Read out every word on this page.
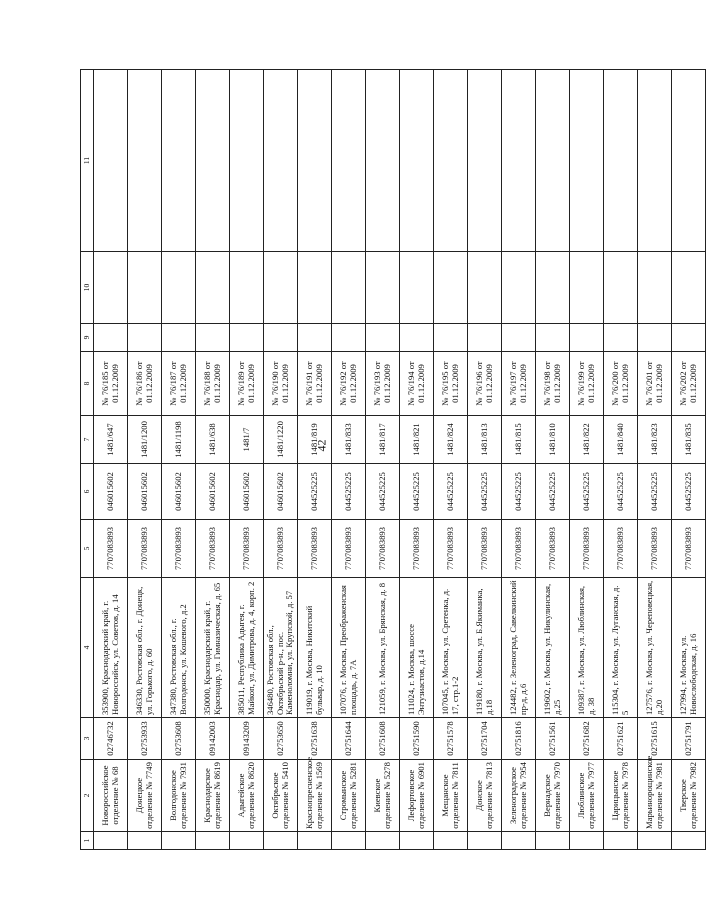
42
1	2	3	4	5	6	7	8	9	10	11
	Новороссийское отделение № 68	02746732	353900, Краснодарский край, г. Новороссийск, ул. Советов, д. 14	7707083893	046015602	1481/647	№ 76/185 от 01.12.2009			
	Донецкое отделение № 7749	02753933	346330, Ростовская обл., г. Донецк, ул. Горького, д. 60	7707083893	046015602	1481/1200	№ 76/186 от 01.12.2009			
	Волгодонское отделение № 7931	02753608	347380, Ростовская обл., г. Волгодонск, ул. Кошевого, д.2	7707083893	046015602	1481/1198	№ 76/187 от 01.12.2009			
	Краснодарское отделение № 8619	09142003	350000, Краснодарский край, г. Краснодар, ул. Гимназическая, д. 65	7707083893	046015602	1481/638	№ 76/188 от 01.12.2009			
	Адыгейское отделение № 8620	09143209	385011, Республика Адыгея, г. Майкоп, ул. Димитрова, д. 4, корп. 2	7707083893	046015602	1481/7	№ 76/189 от 01.12.2009			
	Октябрьское отделение № 5410	02753650	346480, Ростовская обл., Октябрьский р-н., пос. Каменоломни, ул. Крупской, д. 57	7707083893	046015602	1481/1220	№ 76/190 от 01.12.2009			
	Краснопресненское отделение № 1569	02751638	119019, г. Москва, Никитский бульвар, д. 10	7707083893	044525225	1481/819	№ 76/191 от 01.12.2009			
	Стромынское отделение № 5281	02751644	107076, г. Москва, Преображенская площадь, д. 7А	7707083893	044525225	1481/833	№ 76/192 от 01.12.2009			
	Киевское отделение № 5278	02751608	121059, г. Москва, ул. Брянская, д. 8	7707083893	044525225	1481/817	№ 76/193 от 01.12.2009			
	Лефортовское отделение № 6901	02751590	111024, г. Москва, шоссе Энтузиастов, д.14	7707083893	044525225	1481/821	№ 76/194 от 01.12.2009			
	Мещанское отделение № 7811	02751578	107045, г. Москва, ул. Сретенка, д. 17, стр.1-2	7707083893	044525225	1481/824	№ 76/195 от 01.12.2009			
	Донское отделение № 7813	02751704	119180, г. Москва, ул. Б.Якиманка, д.18	7707083893	044525225	1481/813	№ 76/196 от 01.12.2009			
	Зеленоградское отделение № 7954	02751816	124482, г. Зеленоград, Савелкинский пр-д, д.6	7707083893	044525225	1481/815	№ 76/197 от 01.12.2009			
	Вернадское отделение № 7970	02751561	119602, г. Москва, ул. Никулинская, д.25	7707083893	044525225	1481/810	№ 76/198 от 01.12.2009			
	Люблинское отделение № 7977	02751682	109387, г. Москва, ул. Люблинская, д. 38	7707083893	044525225	1481/822	№ 76/199 от 01.12.2009			
	Царицынское отделение № 7978	02751621	115304, г. Москва, ул. Луганская, д. 5	7707083893	044525225	1481/840	№ 76/200 от 01.12.2009			
	Марьинорощинское отделение № 7981	02751615	127576, г. Москва, ул. Череповецкая, д.20	7707083893	044525225	1481/823	№ 76/201 от 01.12.2009			
	Тверское отделение № 7982	02751791	127994, г. Москва, ул. Новослободская, д. 16	7707083893	044525225	1481/835	№ 76/202 от 01.12.2009			
